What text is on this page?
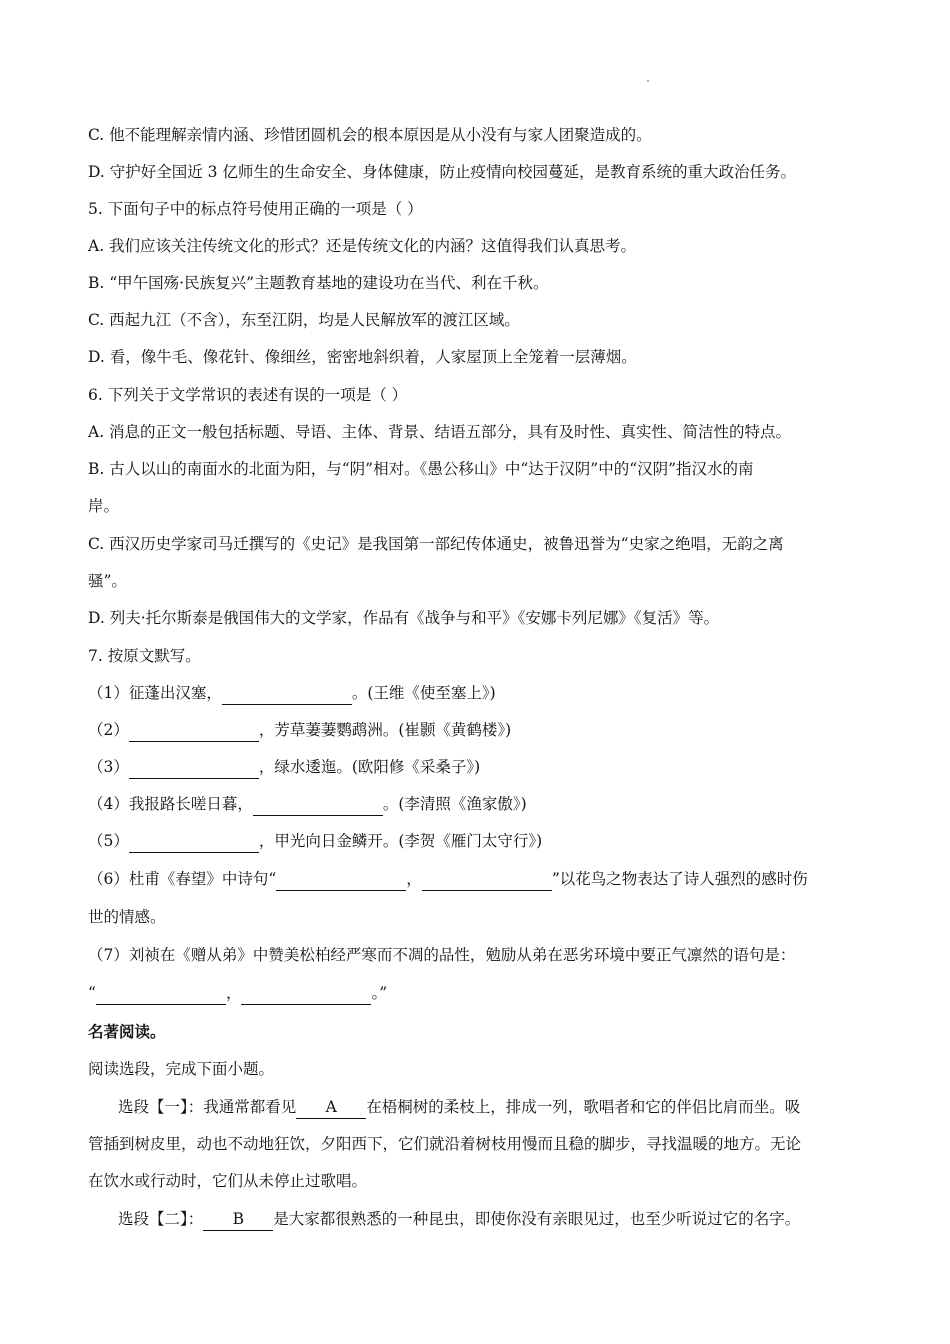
C. 他不能理解亲情内涵、珍惜团圆机会的根本原因是从小没有与家人团聚造成的。
D. 守护好全国近 3 亿师生的生命安全、身体健康，防止疫情向校园蔓延，是教育系统的重大政治任务。
5. 下面句子中的标点符号使用正确的一项是（ ）
A. 我们应该关注传统文化的形式？还是传统文化的内涵？这值得我们认真思考。
B. “甲午国殇·民族复兴”主题教育基地的建设功在当代、利在千秋。
C. 西起九江（不含），东至江阴，均是人民解放军的渡江区域。
D. 看，像牛毛、像花针、像细丝，密密地斜织着，人家屋顶上全笼着一层薄烟。
6. 下列关于文学常识的表述有误的一项是（ ）
A. 消息的正文一般包括标题、导语、主体、背景、结语五部分，具有及时性、真实性、简洁性的特点。
B. 古人以山的南面水的北面为阳，与“阴”相对。《愚公移山》中“达于汉阴”中的“汉阴”指汉水的南
岸。
C. 西汉历史学家司马迁撰写的《史记》是我国第一部纪传体通史，被鲁迅誉为“史家之绝唱，无韵之离
骚”。
D. 列夫·托尔斯泰是俄国伟大的文学家，作品有《战争与和平》《安娜卡列尼娜》《复活》等。
7. 按原文默写。
（1）征蓬出汉塞，	。(王维《使至塞上》)
（2）	，芳草萋萋鹦鹉洲。(崔颢《黄鹤楼》)
（3）	，绿水逶迤。(欧阳修《采桑子》)
（4）我报路长嗟日暮，	。(李清照《渔家傲》)
（5）	，甲光向日金鳞开。(李贺《雁门太守行》)
（6）杜甫《春望》中诗句“	，	”以花鸟之物表达了诗人强烈的感时伤
世的情感。
（7）刘祯在《赠从弟》中赞美松柏经严寒而不凋的品性，勉励从弟在恶劣环境中要正气凛然的语句是：
“	，	。”
名著阅读。
阅读选段，完成下面小题。
选段【一】：我通常都看见 A 在梧桐树的柔枝上，排成一列，歌唱者和它的伴侣比肩而坐。吸
管插到树皮里，动也不动地狂饮，夕阳西下，它们就沿着树枝用慢而且稳的脚步，寻找温暖的地方。无论
在饮水或行动时，它们从未停止过歌唱。
选段【二】： B 是大家都很熟悉的一种昆虫，即使你没有亲眼见过，也至少听说过它的名字。
